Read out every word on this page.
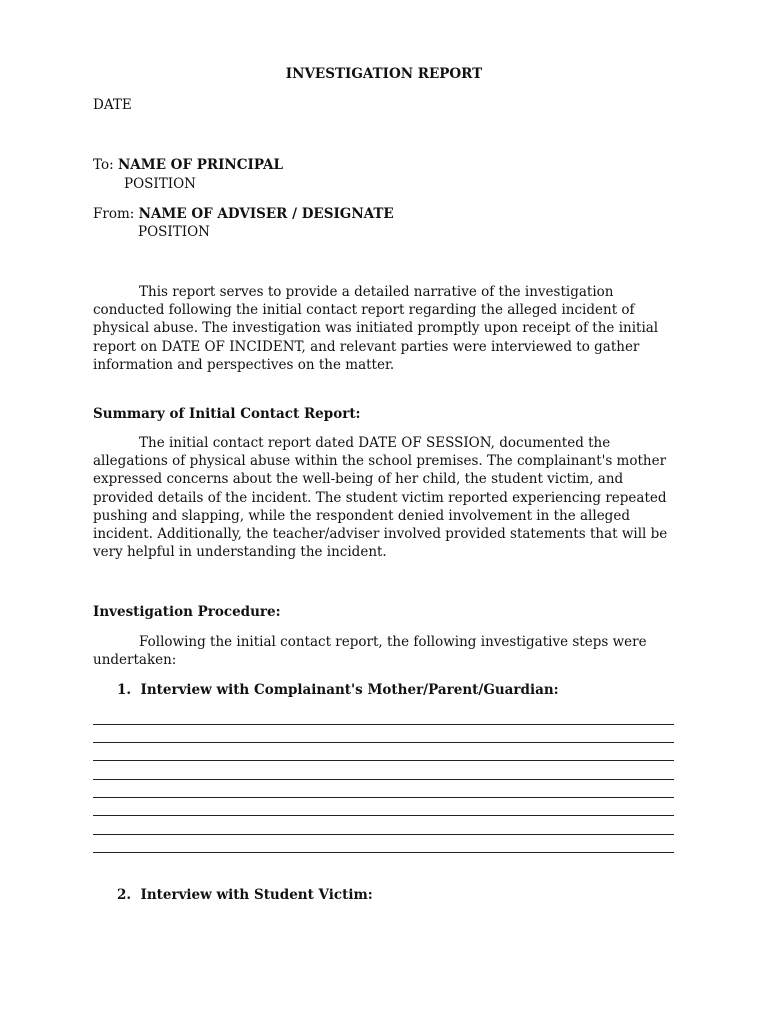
INVESTIGATION REPORT
DATE
To: NAME OF PRINCIPAL
POSITION
From: NAME OF ADVISER / DESIGNATE
POSITION
This report serves to provide a detailed narrative of the investigation conducted following the initial contact report regarding the alleged incident of physical abuse. The investigation was initiated promptly upon receipt of the initial report on DATE OF INCIDENT, and relevant parties were interviewed to gather information and perspectives on the matter.
Summary of Initial Contact Report:
The initial contact report dated DATE OF SESSION, documented the allegations of physical abuse within the school premises. The complainant's mother expressed concerns about the well-being of her child, the student victim, and provided details of the incident. The student victim reported experiencing repeated pushing and slapping, while the respondent denied involvement in the alleged incident. Additionally, the teacher/adviser involved provided statements that will be very helpful in understanding the incident.
Investigation Procedure:
Following the initial contact report, the following investigative steps were undertaken:
1. Interview with Complainant's Mother/Parent/Guardian:
2. Interview with Student Victim:
